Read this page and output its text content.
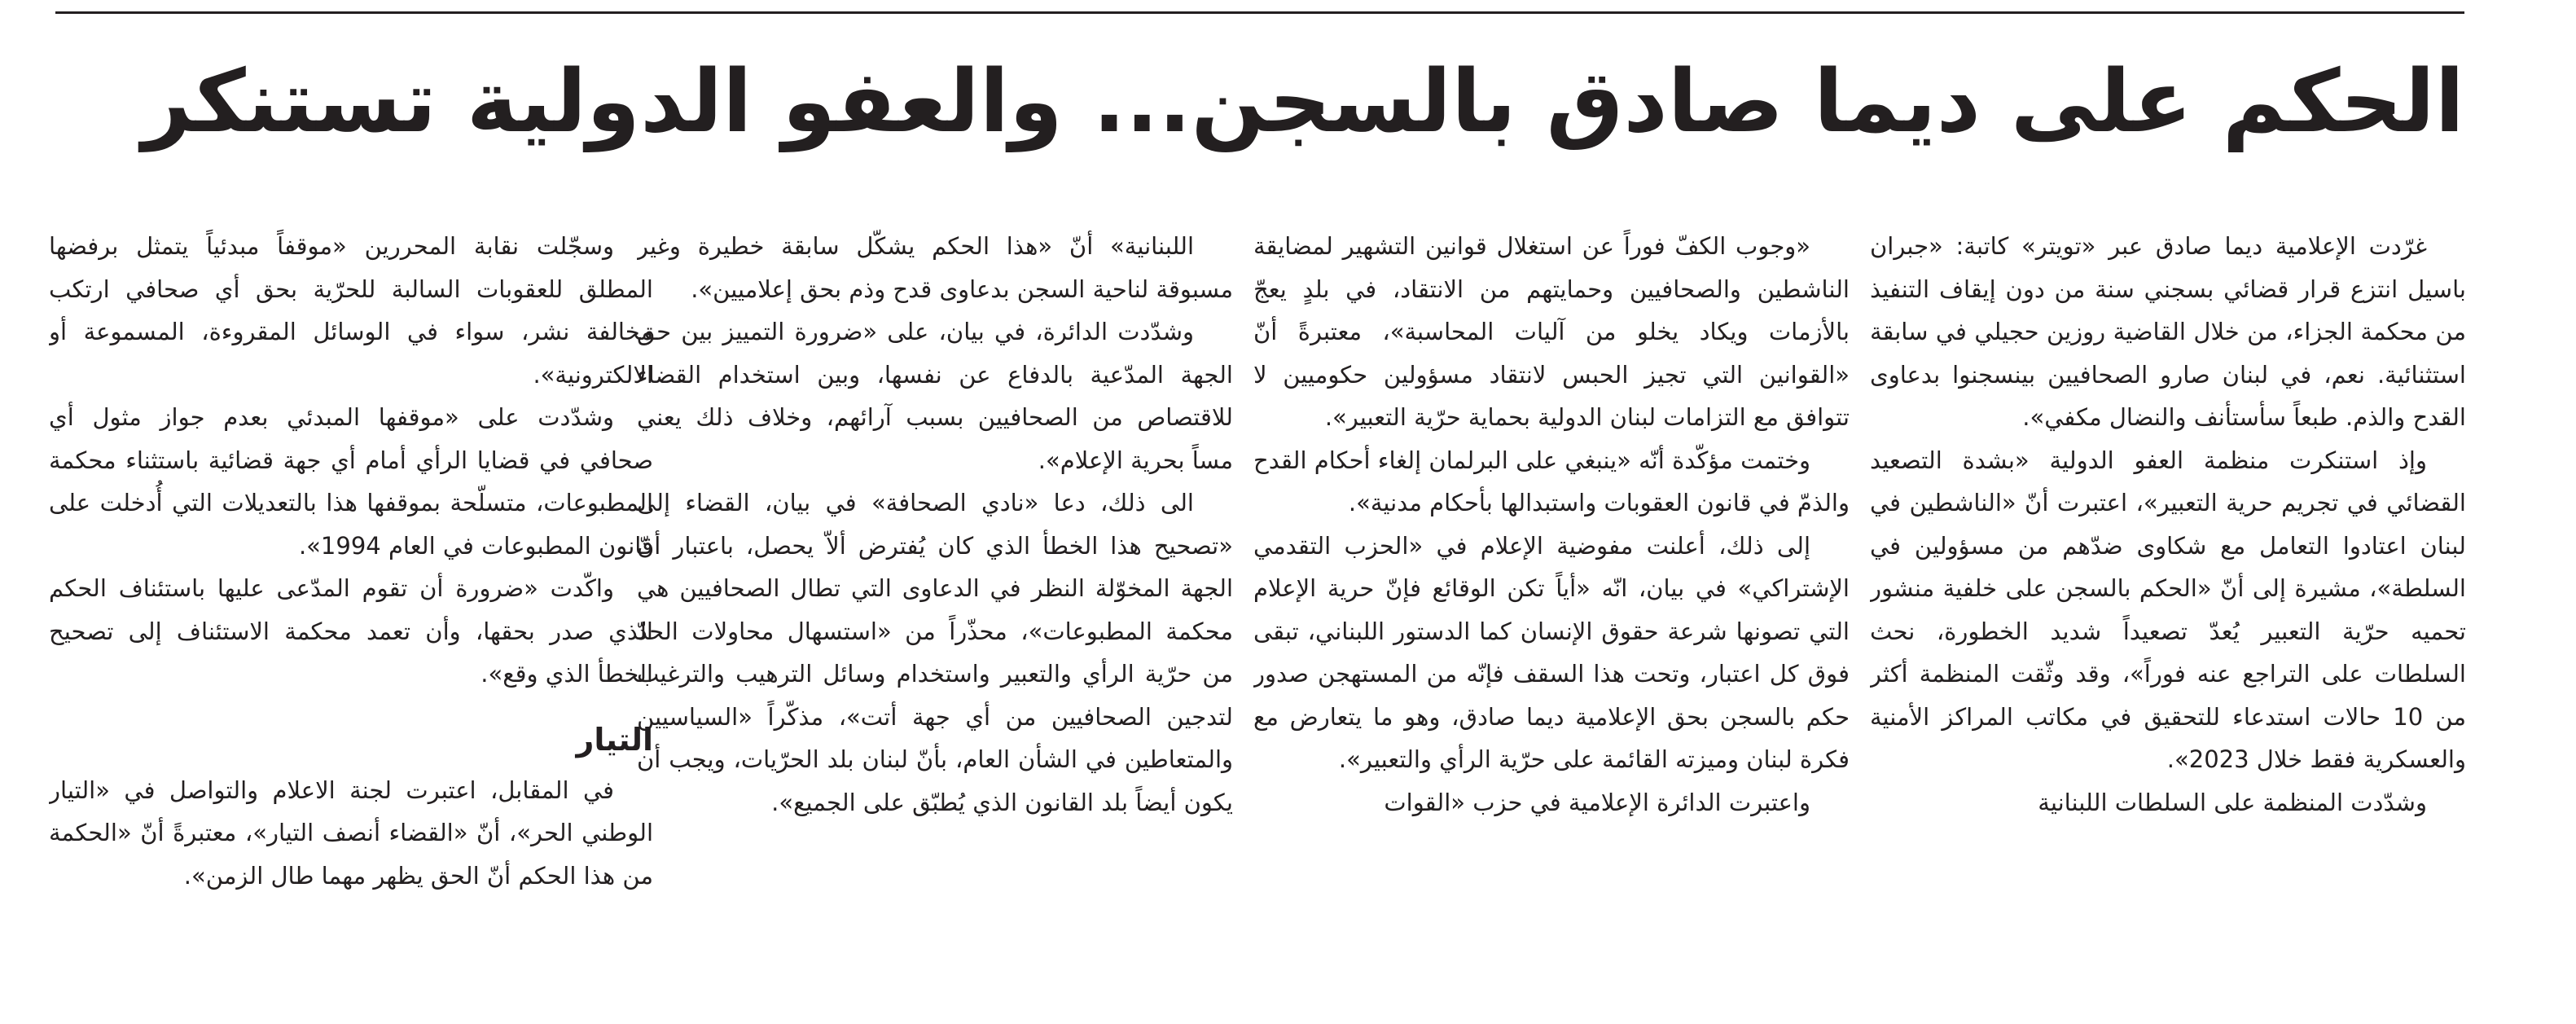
الحكم على ديما صادق بالسجن... والعفو الدولية تستنكر

غرّدت الإعلامية ديما صادق عبر «تويتر» كاتبة: «جبران باسيل انتزع قرار قضائي بسجني سنة من دون إيقاف التنفيذ من محكمة الجزاء، من خلال القاضية روزين حجيلي في سابقة استثنائية. نعم، في لبنان صارو الصحافيين بينسجنوا بدعاوى القدح والذم. طبعاً سأستأنف والنضال مكفي».

وإذ استنكرت منظمة العفو الدولية «بشدة التصعيد القضائي في تجريم حرية التعبير»، اعتبرت أنّ «الناشطين في لبنان اعتادوا التعامل مع شكاوى ضدّهم من مسؤولين في السلطة»، مشيرة إلى أنّ «الحكم بالسجن على خلفية منشور تحميه حرّية التعبير يُعدّ تصعيداً شديد الخطورة، نحث السلطات على التراجع عنه فوراً»، وقد وثّقت المنظمة أكثر من 10 حالات استدعاء للتحقيق في مكاتب المراكز الأمنية والعسكرية فقط خلال 2023».

وشدّدت المنظمة على السلطات اللبنانية

«وجوب الكفّ فوراً عن استغلال قوانين التشهير لمضايقة الناشطين والصحافيين وحمايتهم من الانتقاد، في بلدٍ يعجّ بالأزمات ويكاد يخلو من آليات المحاسبة»، معتبرةً أنّ «القوانين التي تجيز الحبس لانتقاد مسؤولين حكوميين لا تتوافق مع التزامات لبنان الدولية بحماية حرّية التعبير».

وختمت مؤكّدة أنّه «ينبغي على البرلمان إلغاء أحكام القدح والذمّ في قانون العقوبات واستبدالها بأحكام مدنية».

إلى ذلك، أعلنت مفوضية الإعلام في «الحزب التقدمي الإشتراكي» في بيان، انّه «أياً تكن الوقائع فإنّ حرية الإعلام التي تصونها شرعة حقوق الإنسان كما الدستور اللبناني، تبقى فوق كل اعتبار، وتحت هذا السقف فإنّه من المستهجن صدور حكم بالسجن بحق الإعلامية ديما صادق، وهو ما يتعارض مع فكرة لبنان وميزته القائمة على حرّية الرأي والتعبير».

واعتبرت الدائرة الإعلامية في حزب «القوات

اللبنانية» أنّ «هذا الحكم يشكّل سابقة خطيرة وغير مسبوقة لناحية السجن بدعاوى قدح وذم بحق إعلاميين».

وشدّدت الدائرة، في بيان، على «ضرورة التمييز بين حق الجهة المدّعية بالدفاع عن نفسها، وبين استخدام القضاء للاقتصاص من الصحافيين بسبب آرائهم، وخلاف ذلك يعني مساً بحرية الإعلام».

الى ذلك، دعا «نادي الصحافة» في بيان، القضاء إلى «تصحيح هذا الخطأ الذي كان يُفترض ألاّ يحصل، باعتبار أنّ الجهة المخوّلة النظر في الدعاوى التي تطال الصحافيين هي محكمة المطبوعات»، محذّراً من «استسهال محاولات الحدّ من حرّية الرأي والتعبير واستخدام وسائل الترهيب والترغيب لتدجين الصحافيين من أي جهة أتت»، مذكّراً «السياسيين والمتعاطين في الشأن العام، بأنّ لبنان بلد الحرّيات، ويجب أن يكون أيضاً بلد القانون الذي يُطبّق على الجميع».

وسجّلت نقابة المحررين «موقفاً مبدئياً يتمثل برفضها المطلق للعقوبات السالبة للحرّية بحق أي صحافي ارتكب مخالفة نشر، سواء في الوسائل المقروءة، المسموعة أو الالكترونية».

وشدّدت على «موقفها المبدئي بعدم جواز مثول أي صحافي في قضايا الرأي أمام أي جهة قضائية باستثناء محكمة المطبوعات، متسلّحة بموقفها هذا بالتعديلات التي أُدخلت على قانون المطبوعات في العام 1994».

واكّدت «ضرورة أن تقوم المدّعى عليها باستئناف الحكم الذي صدر بحقها، وأن تعمد محكمة الاستئناف إلى تصحيح الخطأ الذي وقع».

التيار

في المقابل، اعتبرت لجنة الاعلام والتواصل في «التيار الوطني الحر»، أنّ «القضاء أنصف التيار»، معتبرةً أنّ «الحكمة من هذا الحكم أنّ الحق يظهر مهما طال الزمن».
